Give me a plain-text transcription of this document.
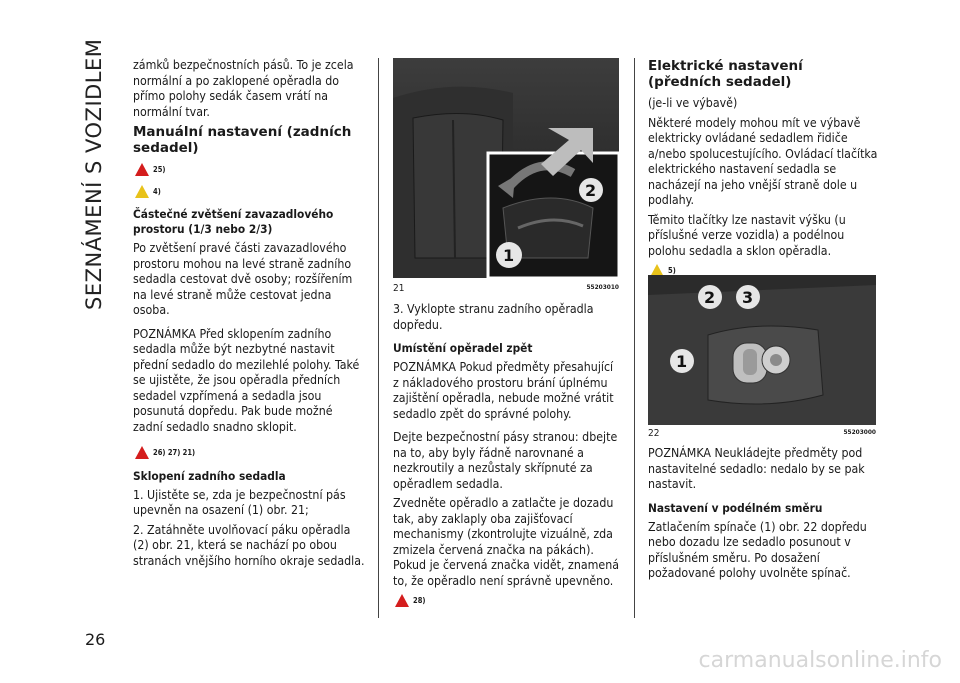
SEZNÁMENÍ S VOZIDLEM
26

zámků bezpečnostních pásů. To je zcela normální a po zaklopené opěradla do přímo polohy sedák časem vrátí na normální tvar.

Manuální nastavení (zadních sedadel)
25)
4)
Částečné zvětšení zavazadlového prostoru (1/3 nebo 2/3)

Po zvětšení pravé části zavazadlového prostoru mohou na levé straně zadního sedadla cestovat dvě osoby; rozšířením na levé straně může cestovat jedna osoba.

POZNÁMKA Před sklopením zadního sedadla může být nezbytné nastavit přední sedadlo do mezilehlé polohy. Také se ujistěte, že jsou opěradla předních sedadel vzpřímená a sedadla jsou posunutá dopředu. Pak bude možné zadní sedadlo snadno sklopit.

26) 27) 21)
Sklopení zadního sedadla

1. Ujistěte se, zda je bezpečnostní pás upevněn na osazení (1) obr. 21;

2. Zatáhněte uvolňovací páku opěradla (2) obr. 21, která se nachází po obou stranách vnějšího horního okraje sedadla.

2
1
21	55203010

3. Vyklopte stranu zadního opěradla dopředu.

Umístění opěradel zpět

POZNÁMKA Pokud předměty přesahující z nákladového prostoru brání úplnému zajištění opěradla, nebude možné vrátit sedadlo zpět do správné polohy.

Dejte bezpečnostní pásy stranou: dbejte na to, aby byly řádně narovnané a nezkroutily a nezůstaly skřípnuté za opěradlem sedadla.

Zvedněte opěradlo a zatlačte je dozadu tak, aby zaklaply oba zajišťovací mechanismy (zkontrolujte vizuálně, zda zmizela červená značka na pákách). Pokud je červená značka vidět, znamená to, že opěradlo není správně upevněno.

28)
Elektrické nastavení (předních sedadel)

(je-li ve výbavě)

Některé modely mohou mít ve výbavě elektricky ovládané sedadlem řidiče a/nebo spolucestujícího. Ovládací tlačítka elektrického nastavení sedadla se nacházejí na jeho vnější straně dole u podlahy.

Těmito tlačítky lze nastavit výšku (u příslušné verze vozidla) a podélnou polohu sedadla a sklon opěradla.

5)
2 3
1
22	55203000

POZNÁMKA Neukládejte předměty pod nastavitelné sedadlo: nedalo by se pak nastavit.

Nastavení v podélném směru

Zatlačením spínače (1) obr. 22 dopředu nebo dozadu lze sedadlo posunout v příslušném směru. Po dosažení požadované polohy uvolněte spínač.

carmanualsonline.info
